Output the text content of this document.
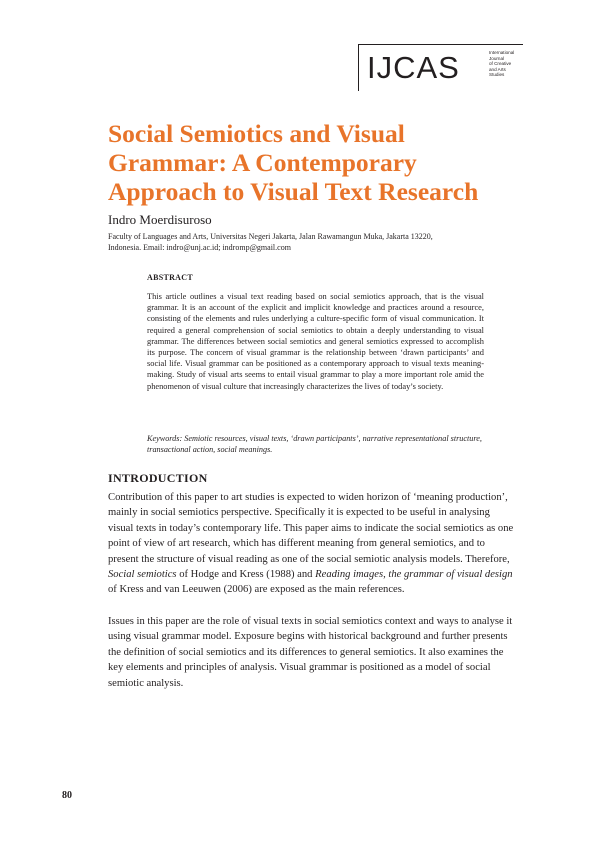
IJCAS	International
Journal
of Creative
and Arts
Studies
Social Semiotics and Visual Grammar: A Contemporary Approach to Visual Text Research
Indro Moerdisuroso
Faculty of Languages and Arts, Universitas Negeri Jakarta, Jalan Rawamangun Muka, Jakarta 13220, Indonesia. Email: indro@unj.ac.id; indromp@gmail.com
ABSTRACT

This article outlines a visual text reading based on social semiotics approach, that is the visual grammar. It is an account of the explicit and implicit knowledge and practices around a resource, consisting of the elements and rules underlying a culture-specific form of visual communication. It required a general comprehension of social semiotics to obtain a deeply understanding to visual grammar. The differences between social semiotics and general semiotics expressed to accomplish its purpose. The concern of visual grammar is the relationship between ‘drawn participants’ and social life. Visual grammar can be positioned as a contemporary approach to visual texts meaning-making. Study of visual arts seems to entail visual grammar to play a more important role amid the phenomenon of visual culture that increasingly characterizes the lives of today’s society.

Keywords: Semiotic resources, visual texts, ‘drawn participants’, narrative representational structure, transactional action, social meanings.

INTRODUCTION

Contribution of this paper to art studies is expected to widen horizon of ‘meaning production’, mainly in social semiotics perspective. Specifically it is expected to be useful in analysing visual texts in today’s contemporary life. This paper aims to indicate the social semiotics as one point of view of art research, which has different meaning from general semiotics, and to present the structure of visual reading as one of the social semiotic analysis models. Therefore, Social semiotics of Hodge and Kress (1988) and Reading images, the grammar of visual design of Kress and van Leeuwen (2006) are exposed as the main references.

Issues in this paper are the role of visual texts in social semiotics context and ways to analyse it using visual grammar model. Exposure begins with historical background and further presents the definition of social semiotics and its differences to general semiotics. It also examines the key elements and principles of analysis. Visual grammar is positioned as a model of social semiotic analysis.

80
